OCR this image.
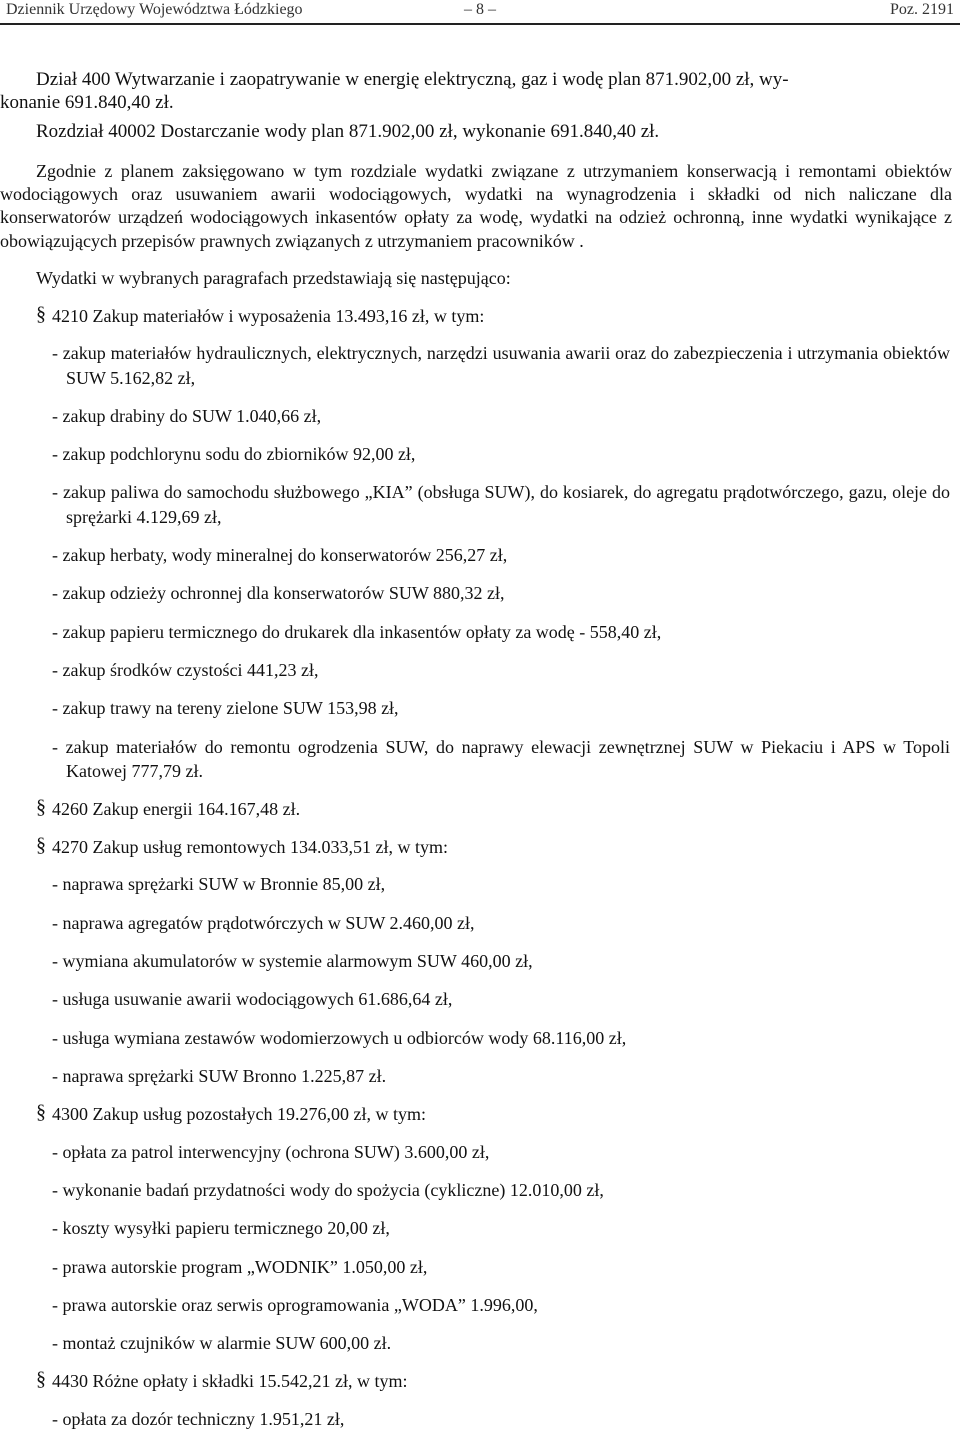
Dziennik Urzędowy Województwa Łódzkiego	– 8 –	Poz. 2191
Dział 400 Wytwarzanie i zaopatrywanie w energię elektryczną, gaz i wodę plan 871.902,00 zł, wy-
konanie 691.840,40 zł.
Rozdział 40002 Dostarczanie wody plan 871.902,00 zł, wykonanie 691.840,40 zł.

Zgodnie z planem zaksięgowano w tym rozdziale wydatki związane z utrzymaniem konserwacją i remontami obiektów wodociągowych oraz usuwaniem awarii wodociągowych, wydatki na wynagrodzenia i składki od nich naliczane dla konserwatorów urządzeń wodociągowych inkasentów opłaty za wodę, wydatki na odzież ochronną, inne wydatki wynikające z obowiązujących przepisów prawnych związanych z utrzymaniem pracowników .

Wydatki w wybranych paragrafach przedstawiają się następująco:
§ 4210 Zakup materiałów i wyposażenia 13.493,16 zł, w tym:
- zakup materiałów hydraulicznych, elektrycznych, narzędzi usuwania awarii oraz do zabezpieczenia i utrzymania obiektów SUW 5.162,82 zł,
- zakup drabiny do SUW 1.040,66 zł,
- zakup podchlorynu sodu do zbiorników 92,00 zł,
- zakup paliwa do samochodu służbowego „KIA” (obsługa SUW), do kosiarek, do agregatu prądotwórczego, gazu, oleje do sprężarki 4.129,69 zł,
- zakup herbaty, wody mineralnej do konserwatorów 256,27 zł,
- zakup odzieży ochronnej dla konserwatorów SUW 880,32 zł,
- zakup papieru termicznego do drukarek dla inkasentów opłaty za wodę - 558,40 zł,
- zakup środków czystości 441,23 zł,
- zakup trawy na tereny zielone SUW 153,98 zł,
- zakup materiałów do remontu ogrodzenia SUW, do naprawy elewacji zewnętrznej SUW w Piekaciu i APS w Topoli Katowej 777,79 zł.
§ 4260 Zakup energii 164.167,48 zł.
§ 4270 Zakup usług remontowych 134.033,51 zł, w tym:
- naprawa sprężarki SUW w Bronnie 85,00 zł,
- naprawa agregatów prądotwórczych w SUW 2.460,00 zł,
- wymiana akumulatorów w systemie alarmowym SUW 460,00 zł,
- usługa usuwanie awarii wodociągowych 61.686,64 zł,
- usługa wymiana zestawów wodomierzowych u odbiorców wody 68.116,00 zł,
- naprawa sprężarki SUW Bronno 1.225,87 zł.
§ 4300 Zakup usług pozostałych 19.276,00 zł, w tym:
- opłata za patrol interwencyjny (ochrona SUW) 3.600,00 zł,
- wykonanie badań przydatności wody do spożycia (cykliczne) 12.010,00 zł,
- koszty wysyłki papieru termicznego 20,00 zł,
- prawa autorskie program „WODNIK” 1.050,00 zł,
- prawa autorskie oraz serwis oprogramowania „WODA” 1.996,00,
- montaż czujników w alarmie SUW 600,00 zł.
§ 4430 Różne opłaty i składki 15.542,21 zł, w tym:
- opłata za dozór techniczny 1.951,21 zł,
